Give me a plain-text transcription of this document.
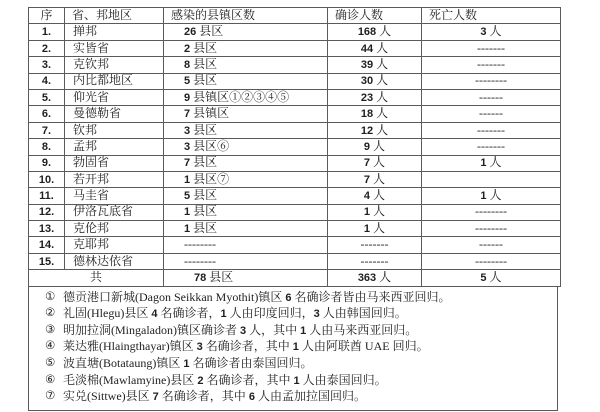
序	省、邦地区	感染的县镇区数	确诊人数	死亡人数
1.	掸邦	26 县区	168 人	3 人
2.	实皆省	2 县区	44 人	-------
3.	克钦邦	8 县区	39 人	-------
4.	内比都地区	5 县区	30 人	--------
5.	仰光省	9 县镇区①②③④⑤	23 人	------
6.	曼德勒省	7 县镇区	18 人	------
7.	钦邦	3 县区	12 人	-------
8.	孟邦	3 县区⑥	9 人	-------
9.	勃固省	7 县区	7 人	1 人
10.	若开邦	1 县区⑦	7 人	
11.	马圭省	5 县区	4 人	1 人
12.	伊洛瓦底省	1 县区	1 人	--------
13.	克伦邦	1 县区	1 人	--------
14.	克耶邦	--------	-------	------
15.	德林达依省	--------	-------	--------
共		78 县区	363 人	5 人
① 德贡港口新城(Dagon Seikkan Myothit)镇区 6 名确诊者皆由马来西亚回归。
② 礼固(Hlegu)县区 4 名确诊者，1 人由印度回归，3 人由韩国回归。
③ 明加拉洞(Mingaladon)镇区确诊者 3 人，其中 1 人由马来西亚回归。
④ 莱达雅(Hlaingthayar)镇区 3 名确诊者，其中 1 人由阿联酋 UAE 回归。
⑤ 波直塘(Botataung)镇区 1 名确诊者由泰国回归。
⑥ 毛淡棉(Mawlamyine)县区 2 名确诊者，其中 1 人由泰国回归。
⑦ 实兑(Sittwe)县区 7 名确诊者，其中 6 人由孟加拉国回归。
